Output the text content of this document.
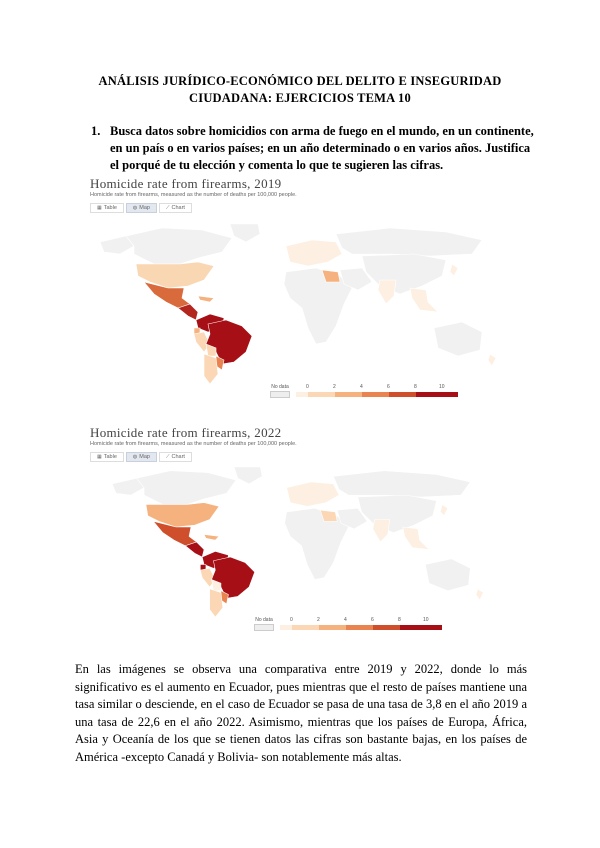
ANÁLISIS JURÍDICO-ECONÓMICO DEL DELITO E INSEGURIDAD
CIUDADANA: EJERCICIOS TEMA 10
1. Busca datos sobre homicidios con arma de fuego en el mundo, en un continente, en un país o en varios países; en un año determinado o en varios años. Justifica el porqué de tu elección y comenta lo que te sugieren las cifras.
Homicide rate from firearms, 2019
Homicide rate from firearms, measured as the number of deaths per 100,000 people.
▦ Table	◍ Map	⟋ Chart
No data	0	2	4	6	8	10
Homicide rate from firearms, 2022
Homicide rate from firearms, measured as the number of deaths per 100,000 people.
▦ Table	◍ Map	⟋ Chart
No data	0	2	4	6	8	10
En las imágenes se observa una comparativa entre 2019 y 2022, donde lo más significativo es el aumento en Ecuador, pues mientras que el resto de países mantiene una tasa similar o desciende, en el caso de Ecuador se pasa de una tasa de 3,8 en el año 2019 a una tasa de 22,6 en el año 2022. Asimismo, mientras que los países de Europa, África, Asia y Oceanía de los que se tienen datos las cifras son bastante bajas, en los países de América -excepto Canadá y Bolivia- son notablemente más altas.
